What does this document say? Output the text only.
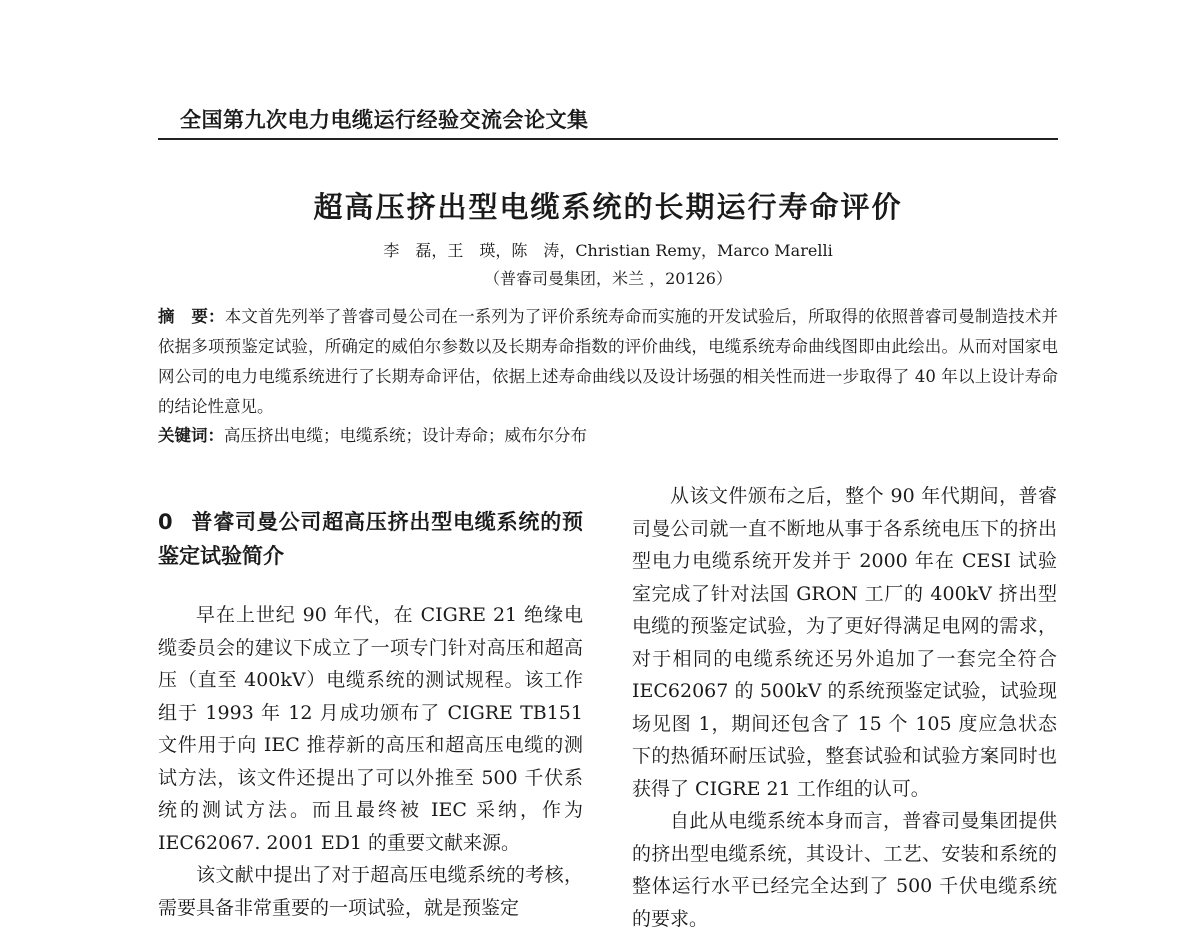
全国第九次电力电缆运行经验交流会论文集
超高压挤出型电缆系统的长期运行寿命评价
李　磊，王　瑛，陈　涛，Christian Remy，Marco Marelli
（普睿司曼集团，米兰 ，20126）

摘　要：本文首先列举了普睿司曼公司在一系列为了评价系统寿命而实施的开发试验后，所取得的依照普睿司曼制造技术并依据多项预鉴定试验，所确定的威伯尔参数以及长期寿命指数的评价曲线，电缆系统寿命曲线图即由此绘出。从而对国家电网公司的电力电缆系统进行了长期寿命评估，依据上述寿命曲线以及设计场强的相关性而进一步取得了 40 年以上设计寿命的结论性意见。

关键词：高压挤出电缆；电缆系统；设计寿命；威布尔分布

0 普睿司曼公司超高压挤出型电缆系统的预鉴定试验简介

早在上世纪 90 年代，在 CIGRE 21 绝缘电缆委员会的建议下成立了一项专门针对高压和超高压（直至 400kV）电缆系统的测试规程。该工作组于 1993 年 12 月成功颁布了 CIGRE TB151 文件用于向 IEC 推荐新的高压和超高压电缆的测试方法，该文件还提出了可以外推至 500 千伏系统的测试方法。而且最终被 IEC 采纳，作为 IEC62067. 2001 ED1 的重要文献来源。

该文献中提出了对于超高压电缆系统的考核，需要具备非常重要的一项试验，就是预鉴定

从该文件颁布之后，整个 90 年代期间，普睿司曼公司就一直不断地从事于各系统电压下的挤出型电力电缆系统开发并于 2000 年在 CESI 试验室完成了针对法国 GRON 工厂的 400kV 挤出型电缆的预鉴定试验，为了更好得满足电网的需求，对于相同的电缆系统还另外追加了一套完全符合 IEC62067 的 500kV 的系统预鉴定试验，试验现场见图 1，期间还包含了 15 个 105 度应急状态下的热循环耐压试验，整套试验和试验方案同时也获得了 CIGRE 21 工作组的认可。

自此从电缆系统本身而言，普睿司曼集团提供的挤出型电缆系统，其设计、工艺、安装和系统的整体运行水平已经完全达到了 500 千伏电缆系统的要求。
